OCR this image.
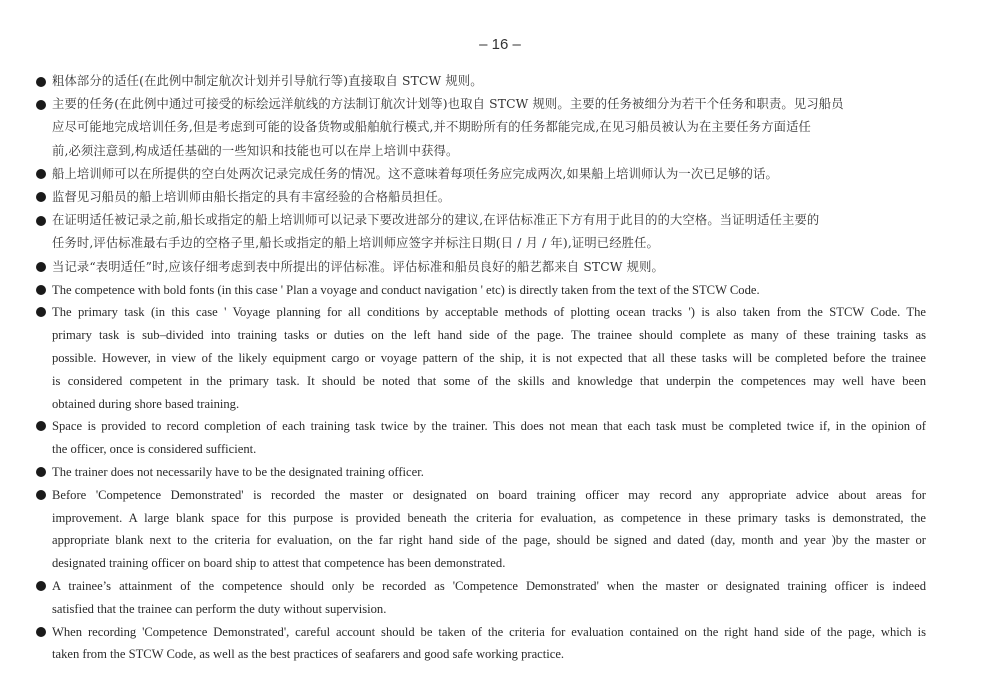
– 16 –
粗体部分的适任(在此例中制定航次计划并引导航行等)直接取自 STCW 规则。
主要的任务(在此例中通过可接受的标绘远洋航线的方法制订航次计划等)也取自 STCW 规则。主要的任务被细分为若干个任务和职责。见习船员
应尽可能地完成培训任务,但是考虑到可能的设备货物或船舶航行模式,并不期盼所有的任务都能完成,在见习船员被认为在主要任务方面适任
前,必须注意到,构成适任基础的一些知识和技能也可以在岸上培训中获得。
船上培训师可以在所提供的空白处两次记录完成任务的情况。这不意味着每项任务应完成两次,如果船上培训师认为一次已足够的话。
监督见习船员的船上培训师由船长指定的具有丰富经验的合格船员担任。
在证明适任被记录之前,船长或指定的船上培训师可以记录下要改进部分的建议,在评估标准正下方有用于此目的的大空格。当证明适任主要的
任务时,评估标准最右手边的空格子里,船长或指定的船上培训师应签字并标注日期(日 / 月 / 年),证明已经胜任。
当记录“表明适任”时,应该仔细考虑到表中所提出的评估标准。评估标准和船员良好的船艺都来自 STCW 规则。
The competence with bold fonts (in this case ' Plan a voyage and conduct navigation ' etc) is directly taken from the text of the STCW Code.
The primary task (in this case ' Voyage planning for all conditions by acceptable methods of plotting ocean tracks ') is also taken from the STCW Code. The
primary task is sub–divided into training tasks or duties on the left hand side of the page. The trainee should complete as many of these training tasks as
possible. However, in view of the likely equipment cargo or voyage pattern of the ship, it is not expected that all these tasks will be completed before the trainee
is considered competent in the primary task. It should be noted that some of the skills and knowledge that underpin the competences may well have been
obtained during shore based training.
Space is provided to record completion of each training task twice by the trainer. This does not mean that each task must be completed twice if, in the opinion of
the officer, once is considered sufficient.
The trainer does not necessarily have to be the designated training officer.
Before 'Competence Demonstrated' is recorded the master or designated on board training officer may record any appropriate advice about areas for
improvement. A large blank space for this purpose is provided beneath the criteria for evaluation, as competence in these primary tasks is demonstrated, the
appropriate blank next to the criteria for evaluation, on the far right hand side of the page, should be signed and dated (day, month and year )by the master or
designated training officer on board ship to attest that competence has been demonstrated.
A trainee’s attainment of the competence should only be recorded as 'Competence Demonstrated' when the master or designated training officer is indeed
satisfied that the trainee can perform the duty without supervision.
When recording 'Competence Demonstrated', careful account should be taken of the criteria for evaluation contained on the right hand side of the page, which is
taken from the STCW Code, as well as the best practices of seafarers and good safe working practice.
